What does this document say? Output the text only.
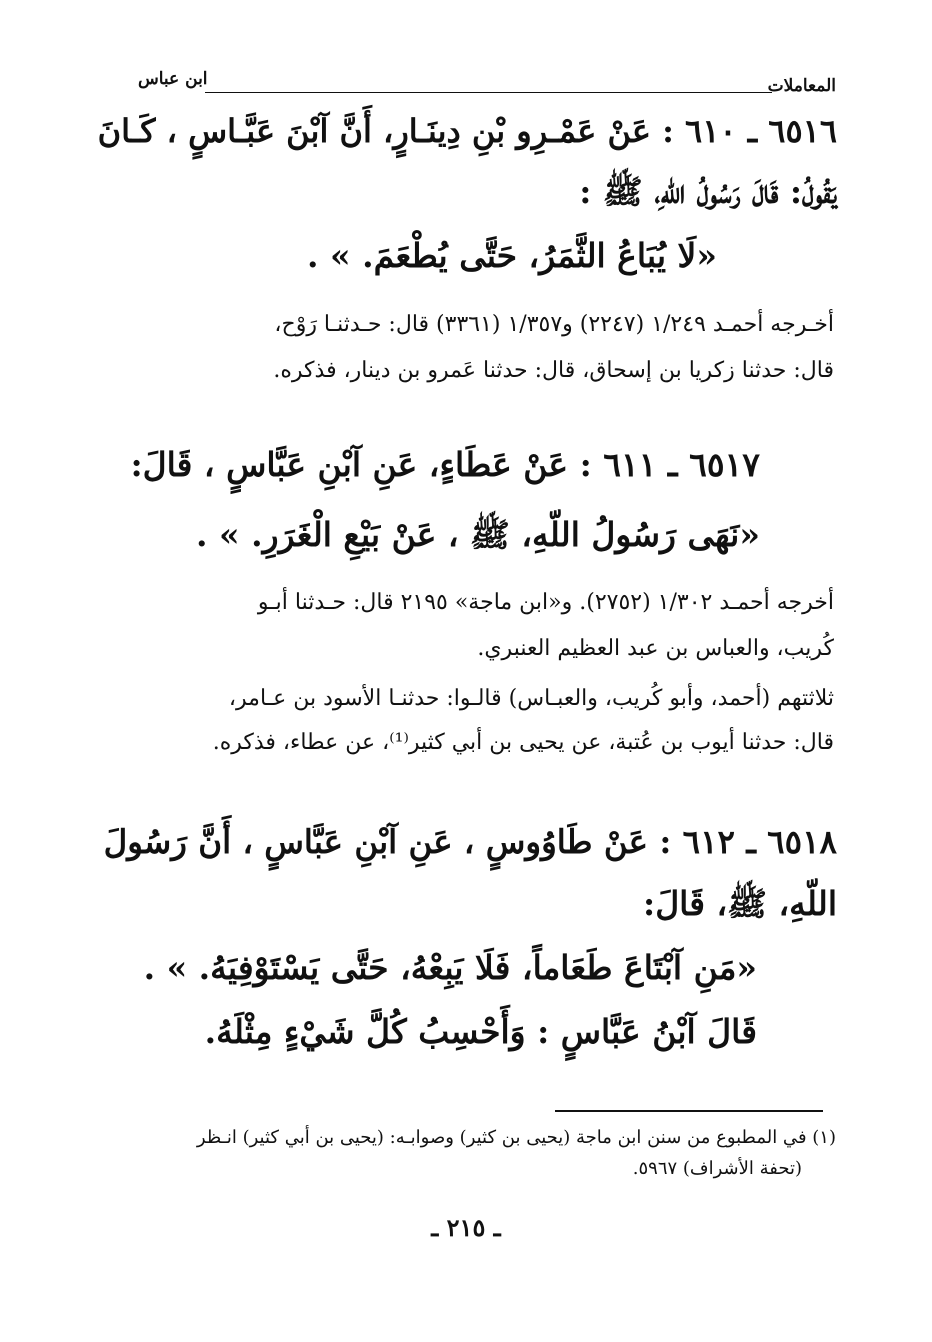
المعاملات
ابن عباس
٦٥١٦ ـ ٦١٠ : عَنْ عَمْـرِو بْنِ دِينَـارٍ، أَنَّ آبْنَ عَبَّـاسٍ ، كَـانَ
يَقُولُ: قَالَ رَسُولُ اللّهِ، ﷺ :
«لَا يُبَاعُ الثَّمَرُ، حَتَّى يُطْعَمَ. » .
أخـرجه أحمـد ١/٢٤٩ (٢٢٤٧) و١/٣٥٧ (٣٣٦١) قال: حـدثنـا رَوْح،
قال: حدثنا زكريا بن إسحاق، قال: حدثنا عَمرو بن دينار، فذكره.
٦٥١٧ ـ ٦١١ : عَنْ عَطَاءٍ، عَنِ آبْنِ عَبَّاسٍ ، قَالَ:
«نَهَى رَسُولُ اللّهِ، ﷺ ، عَنْ بَيْعِ الْغَرَرِ. » .
أخرجه أحمـد ١/٣٠٢ (٢٧٥٢). و«ابن ماجة» ٢١٩٥ قال: حـدثنا أبـو
كُريب، والعباس بن عبد العظيم العنبري.
ثلاثتهم (أحمد، وأبو كُريب، والعبـاس) قالـوا: حدثنـا الأسود بن عـامر،
قال: حدثنا أيوب بن عُتبة، عن يحيى بن أبي كثير⁽¹⁾، عن عطاء، فذكره.
٦٥١٨ ـ ٦١٢ : عَنْ طَاوُوسٍ ، عَنِ آبْنِ عَبَّاسٍ ، أَنَّ رَسُولَ
اللّهِ، ﷺ، قَالَ:
«مَنِ آبْتَاعَ طَعَاماً، فَلَا يَبِعْهُ، حَتَّى يَسْتَوْفِيَهُ. » .
قَالَ آبْنُ عَبَّاسٍ : وَأَحْسِبُ كُلَّ شَيْءٍ مِثْلَهُ.
(١) في المطبوع من سنن ابن ماجة (يحيى بن كثير) وصوابـه: (يحيى بن أبي كثير) انـظر
(تحفة الأشراف) ٥٩٦٧.
ـ ٢١٥ ـ
